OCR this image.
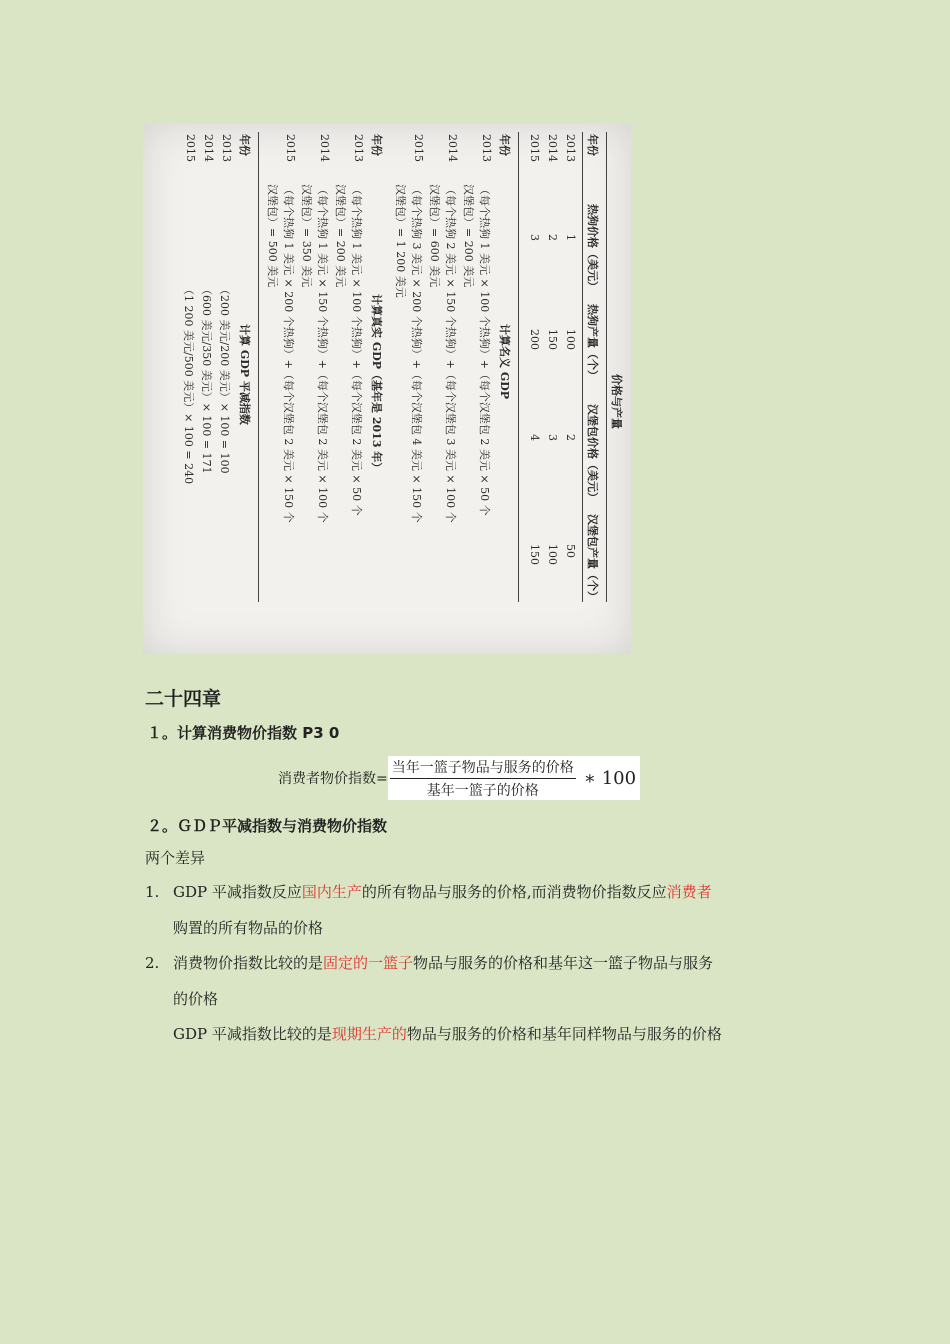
价格与产量
年份
热狗价格（美元）
热狗产量（个）
汉堡包价格（美元）
汉堡包产量（个）
2013
1
100
2
50
2014
2
150
3
100
2015
3
200
4
150
年份
计算名义 GDP
2013
（每个热狗 1 美元 × 100 个热狗）+（每个汉堡包 2 美元 × 50 个
汉堡包）= 200 美元
2014
（每个热狗 2 美元 × 150 个热狗）+（每个汉堡包 3 美元 × 100 个
汉堡包）= 600 美元
2015
（每个热狗 3 美元 × 200 个热狗）+（每个汉堡包 4 美元 × 150 个
汉堡包）= 1 200 美元
年份
计算真实 GDP（基年是 2013 年）
2013
（每个热狗 1 美元 × 100 个热狗）+（每个汉堡包 2 美元 × 50 个
汉堡包）= 200 美元
2014
（每个热狗 1 美元 × 150 个热狗）+（每个汉堡包 2 美元 × 100 个
汉堡包）= 350 美元
2015
（每个热狗 1 美元 × 200 个热狗）+（每个汉堡包 2 美元 × 150 个
汉堡包）= 500 美元
年份
计算 GDP 平减指数
2013
（200 美元/200 美元）× 100 = 100
2014
（600 美元/350 美元）× 100 = 171
2015
（1 200 美元/500 美元）× 100 = 240
二十四章
１。计算消费物价指数 P3 0
消费者物价指数= $\frac{\text{当年一篮子物品与服务的价格}}{\text{基年一篮子的价格}}$ ∗ 100
２。ＧＤＰ平减指数与消费物价指数
两个差异
1. GDP 平减指数反应国内生产的所有物品与服务的价格,而消费物价指数反应消费者
购置的所有物品的价格
2. 消费物价指数比较的是固定的一篮子物品与服务的价格和基年这一篮子物品与服务
的价格
GDP 平减指数比较的是现期生产的物品与服务的价格和基年同样物品与服务的价格
